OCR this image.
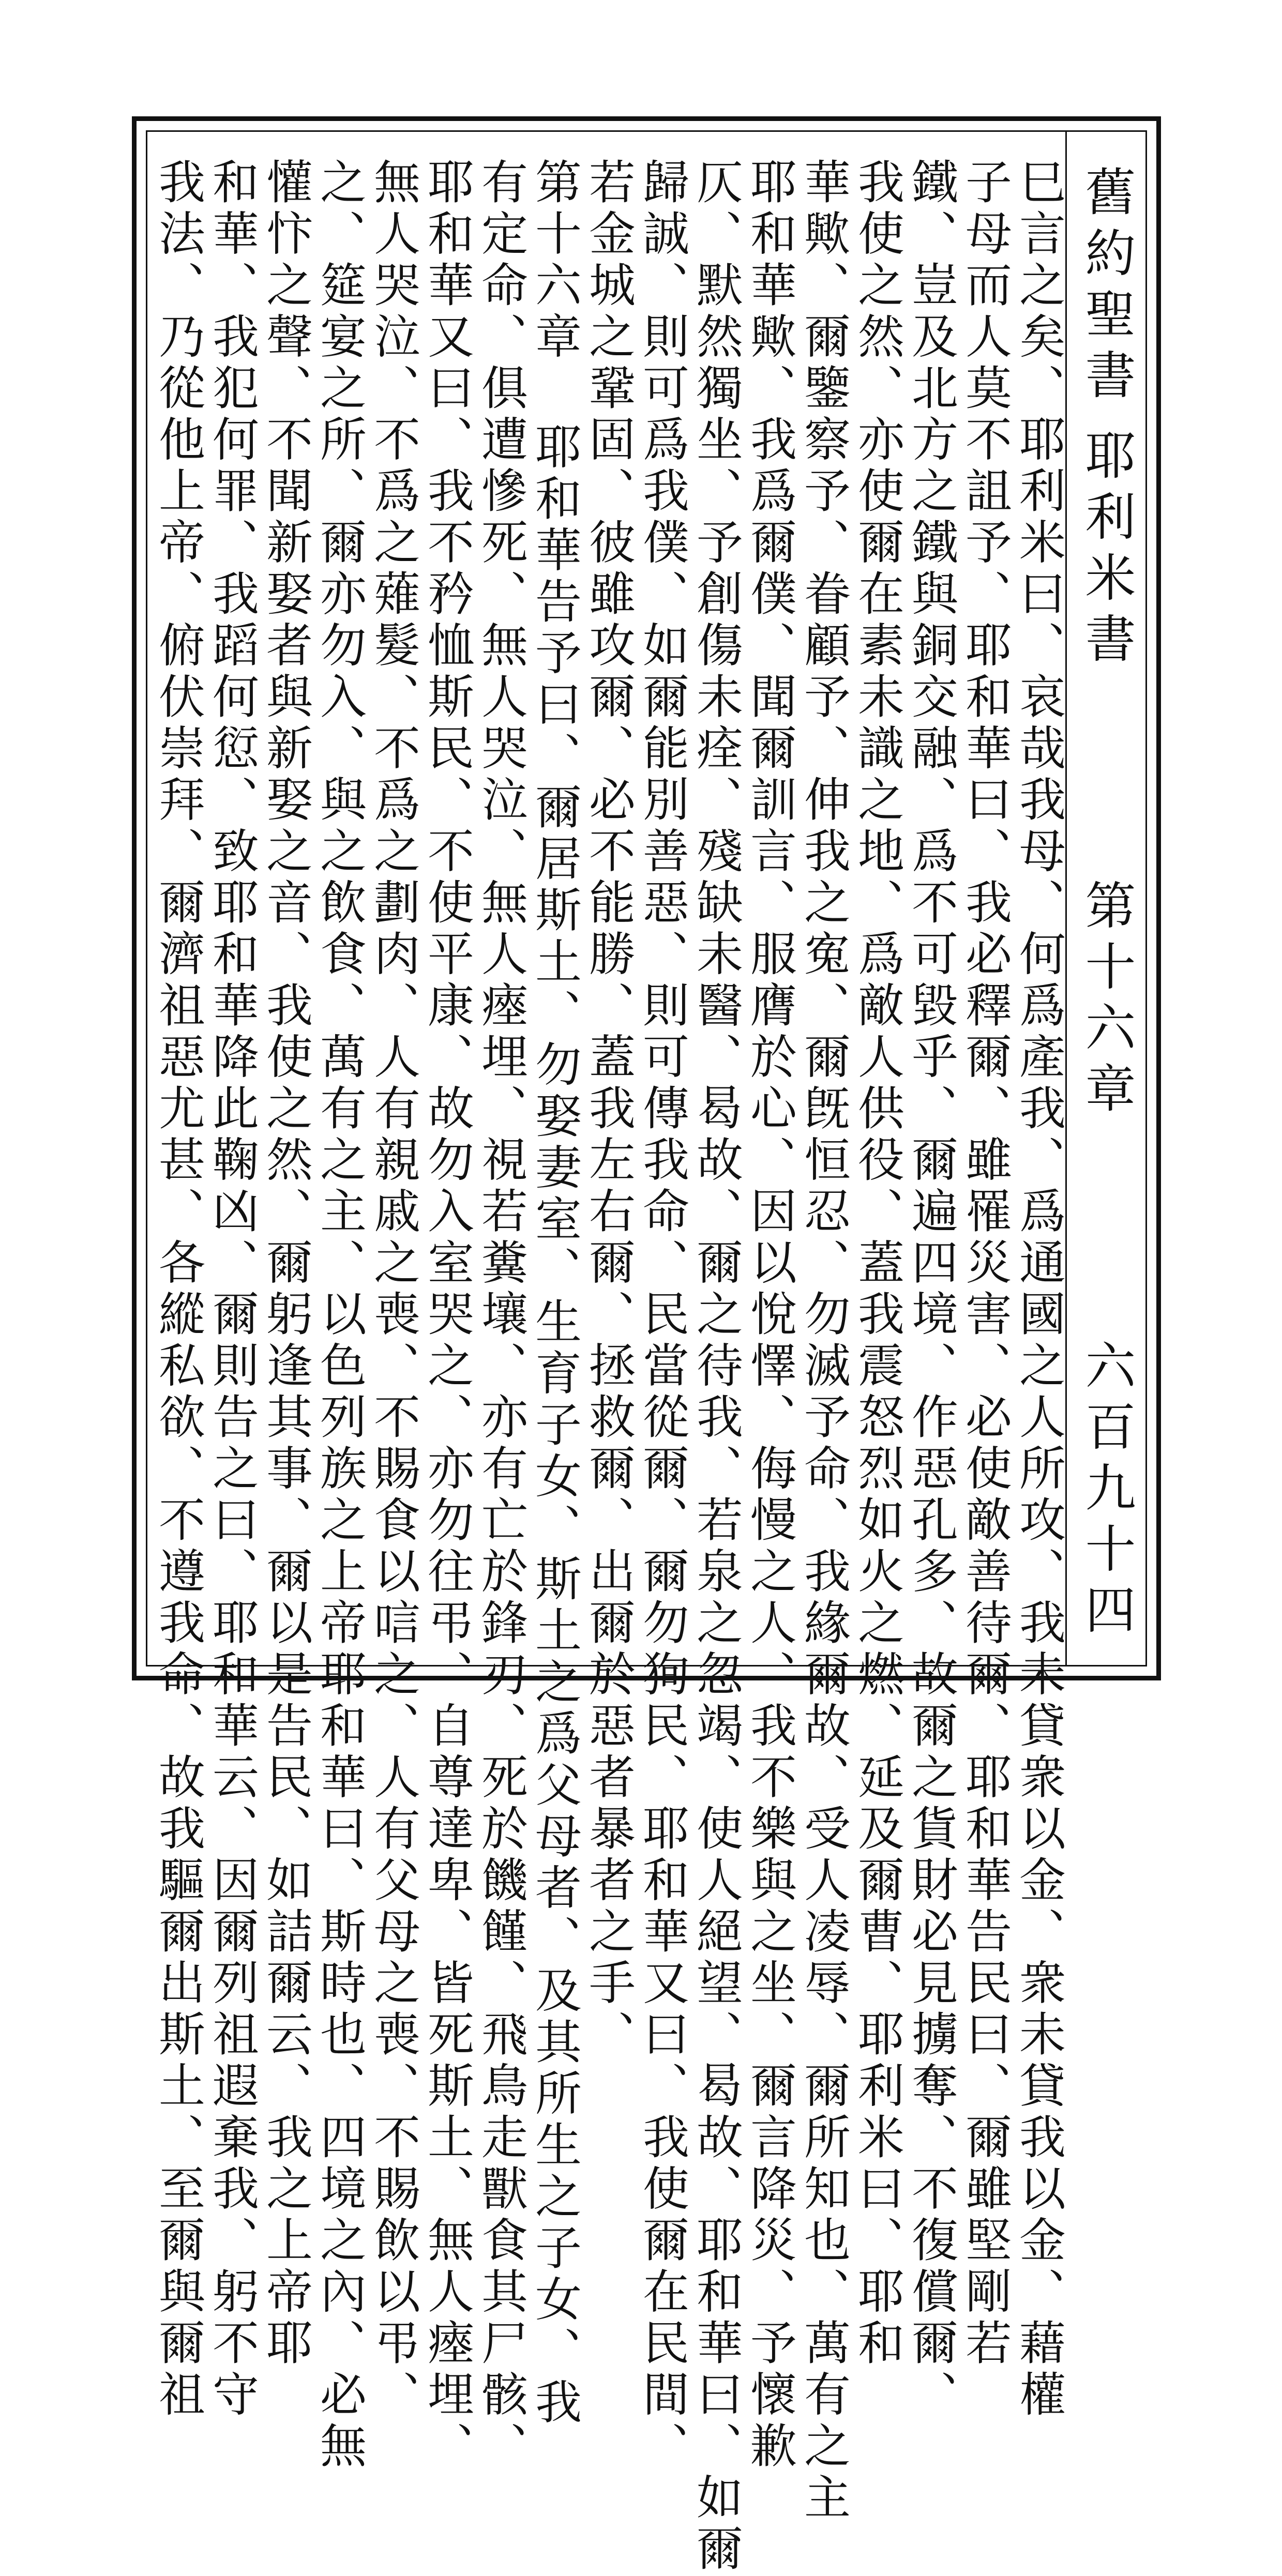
舊約聖書
耶利米書
第十六章
六百九十四
巳言之矣、耶利米曰、哀哉我母、何爲產我、爲通國之人所攻、我未貸衆以金、衆未貸我以金、藉權
子母而人莫不詛予、耶和華曰、我必釋爾、雖罹災害、必使敵善待爾、耶和華告民曰、爾雖堅剛若
鐵、豈及北方之鐵與銅交融、爲不可毀乎、爾遍四境、作惡孔多、故爾之貨財必見擄奪、不復償爾、
我使之然、亦使爾在素未識之地、爲敵人供役、蓋我震怒烈如火之燃、延及爾曹、耶利米曰、耶和
華歟、爾鑒察予、眷顧予、伸我之寃、爾旣恒忍、勿滅予命、我緣爾故、受人凌辱、爾所知也、萬有之主
耶和華歟、我爲爾僕、聞爾訓言、服膺於心、因以悅懌、侮慢之人、我不樂與之坐、爾言降災、予懷歉
仄、默然獨坐、予創傷未痊、殘缺未醫、曷故、爾之待我、若泉之忽竭、使人絕望、曷故、耶和華曰、如爾
歸誠、則可爲我僕、如爾能別善惡、則可傳我命、民當從爾、爾勿狥民、耶和華又曰、我使爾在民間、
若金城之鞏固、彼雖攻爾、必不能勝、蓋我左右爾、拯救爾、出爾於惡者暴者之手、
第十六章 耶和華告予曰、爾居斯土、勿娶妻室、生育子女、斯土之爲父母者、及其所生之子女、我
有定命、俱遭慘死、無人哭泣、無人瘞埋、視若糞壤、亦有亡於鋒刃、死於饑饉、飛鳥走獸食其尸骸、
耶和華又曰、我不矜恤斯民、不使平康、故勿入室哭之、亦勿往弔、自尊達卑、皆死斯土、無人瘞埋、
無人哭泣、不爲之薙髮、不爲之劃肉、人有親戚之喪、不賜食以唁之、人有父母之喪、不賜飲以弔、
之、筵宴之所、爾亦勿入、與之飲食、萬有之主、以色列族之上帝耶和華曰、斯時也、四境之內、必無
懽忭之聲、不聞新娶者與新娶之音、我使之然、爾躬逢其事、爾以是告民、如詰爾云、我之上帝耶
和華、我犯何罪、我蹈何愆、致耶和華降此鞠凶、爾則告之曰、耶和華云、因爾列祖遐棄我、躬不守
我法、乃從他上帝、俯伏崇拜、爾濟祖惡尤甚、各縱私欲、不遵我命、故我驅爾出斯土、至爾與爾祖
